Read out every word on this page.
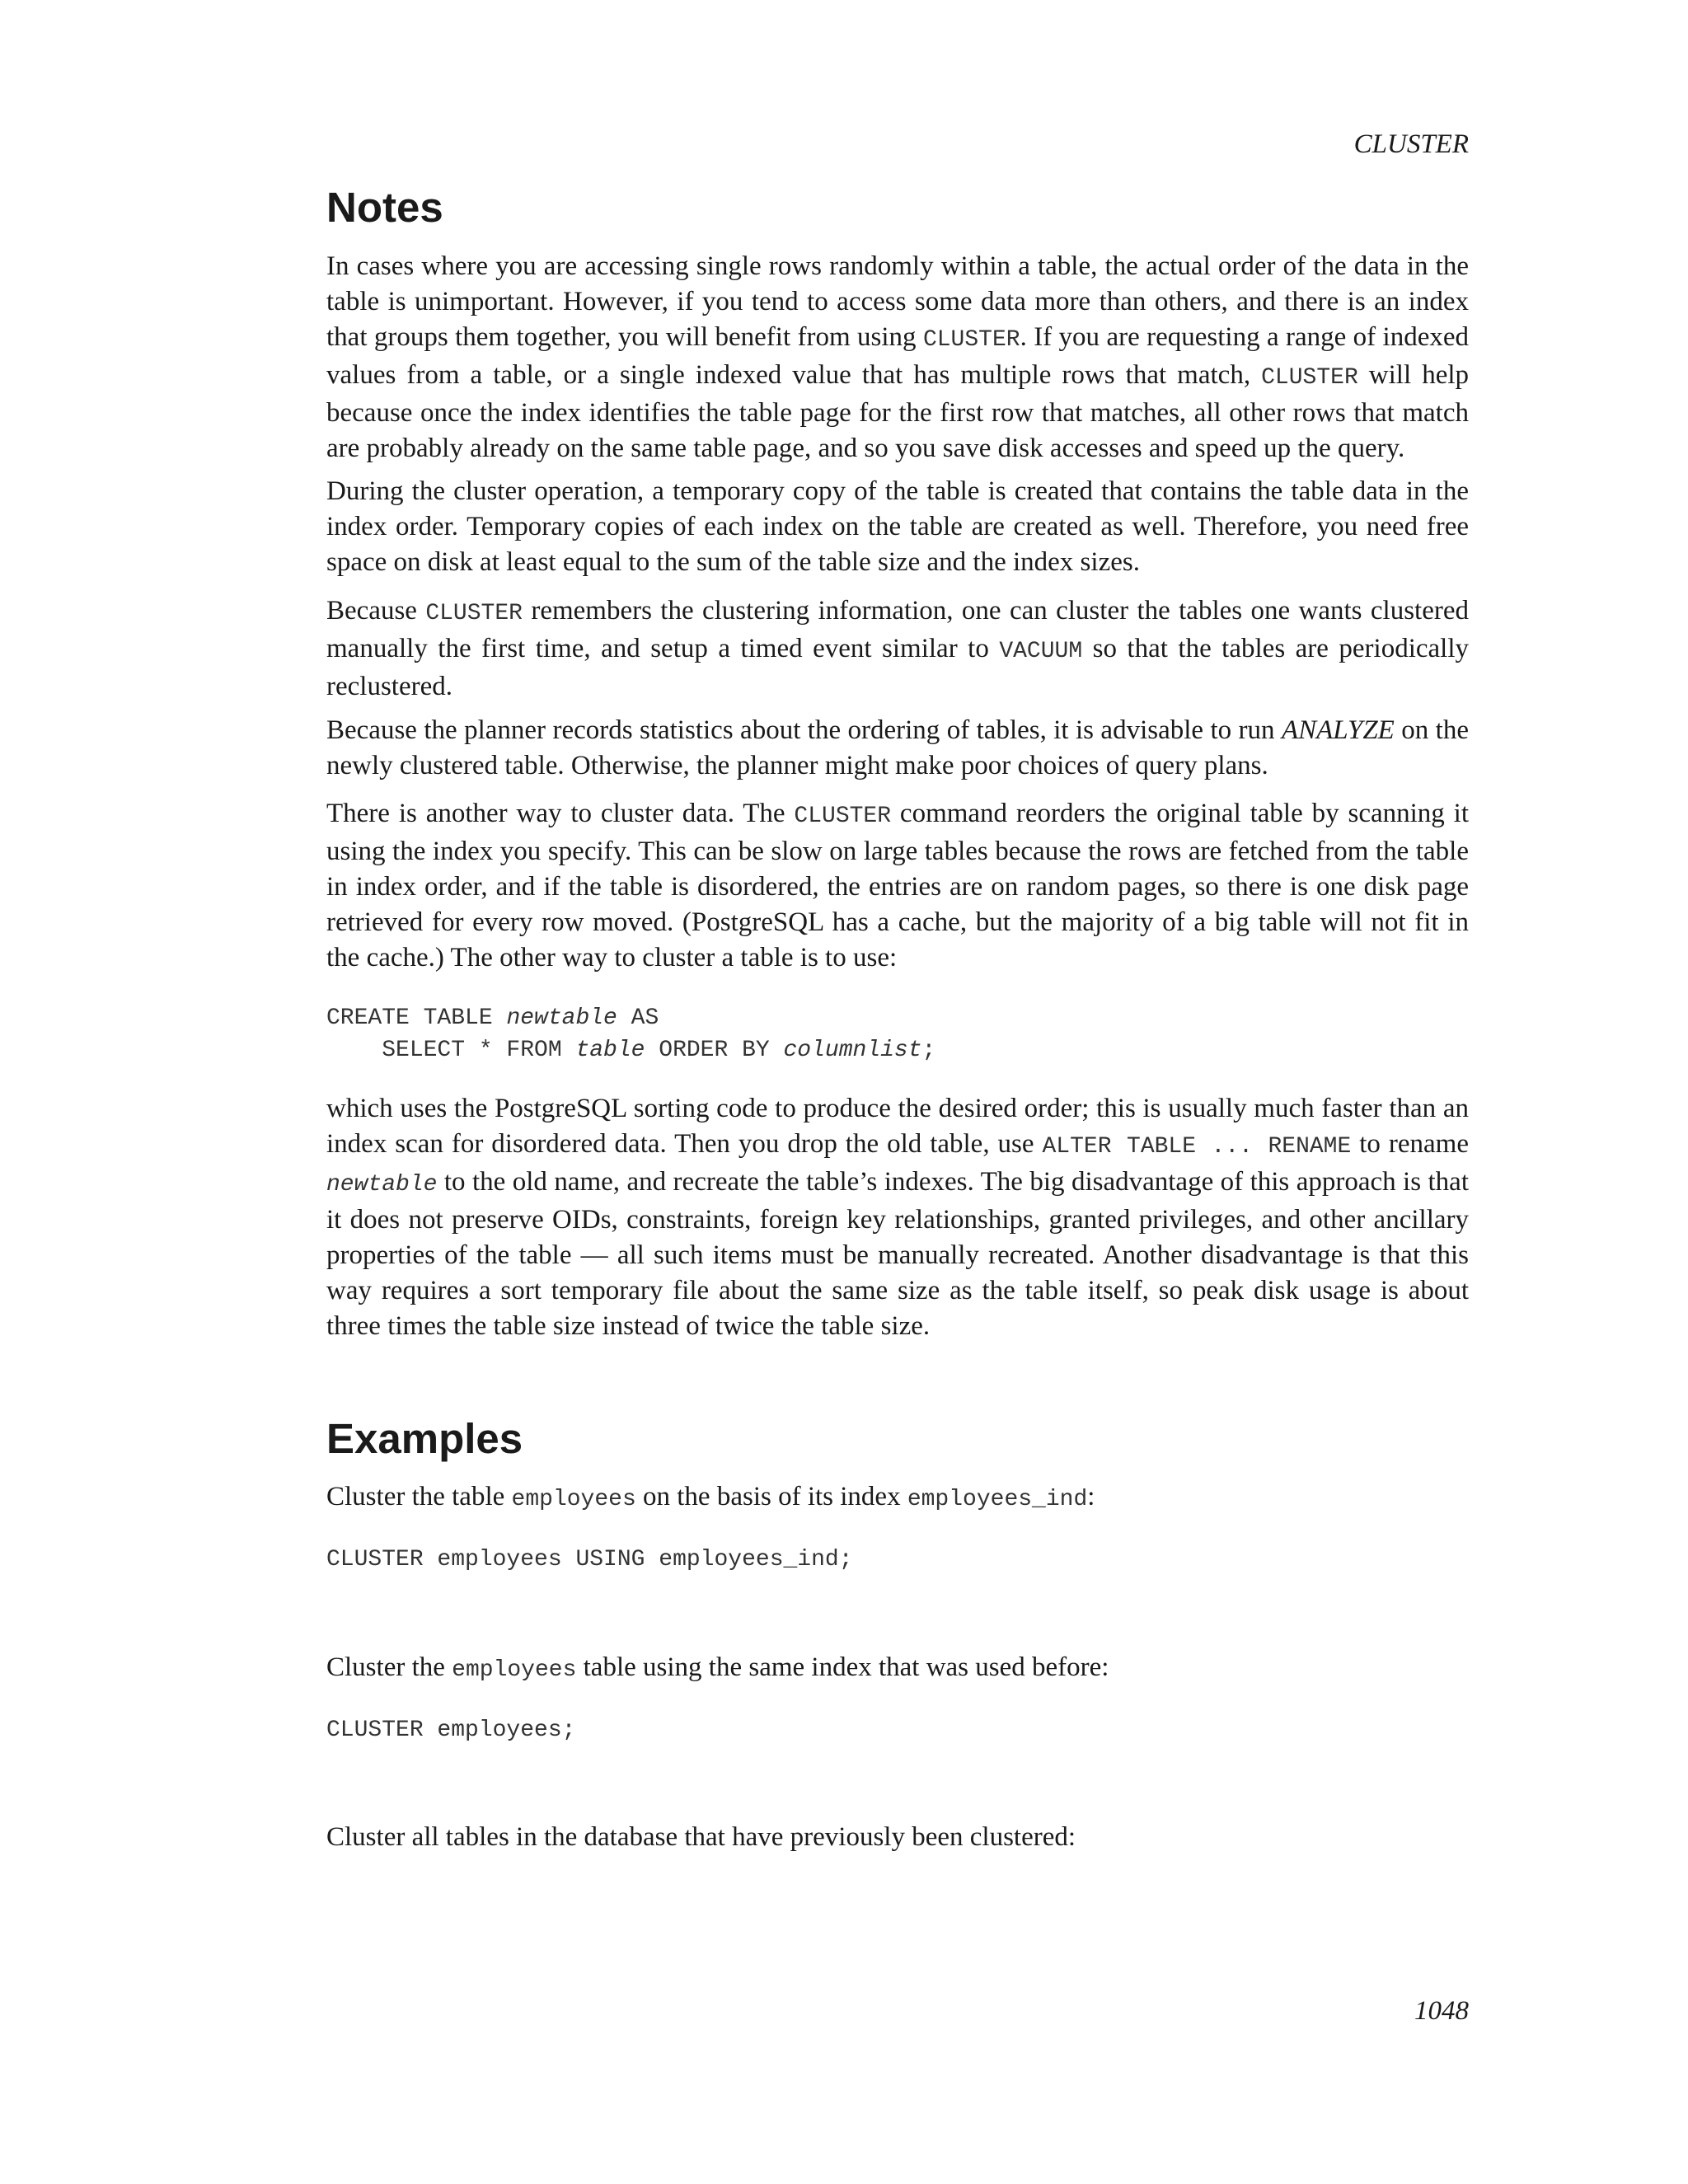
CLUSTER
Notes

In cases where you are accessing single rows randomly within a table, the actual order of the data in the table is unimportant. However, if you tend to access some data more than others, and there is an index that groups them together, you will benefit from using CLUSTER. If you are requesting a range of indexed values from a table, or a single indexed value that has multiple rows that match, CLUSTER will help because once the index identifies the table page for the first row that matches, all other rows that match are probably already on the same table page, and so you save disk accesses and speed up the query.

During the cluster operation, a temporary copy of the table is created that contains the table data in the index order. Temporary copies of each index on the table are created as well. Therefore, you need free space on disk at least equal to the sum of the table size and the index sizes.

Because CLUSTER remembers the clustering information, one can cluster the tables one wants clustered manually the first time, and setup a timed event similar to VACUUM so that the tables are periodically reclustered.

Because the planner records statistics about the ordering of tables, it is advisable to run ANALYZE on the newly clustered table. Otherwise, the planner might make poor choices of query plans.

There is another way to cluster data. The CLUSTER command reorders the original table by scanning it using the index you specify. This can be slow on large tables because the rows are fetched from the table in index order, and if the table is disordered, the entries are on random pages, so there is one disk page retrieved for every row moved. (PostgreSQL has a cache, but the majority of a big table will not fit in the cache.) The other way to cluster a table is to use:

CREATE TABLE newtable AS
SELECT * FROM table ORDER BY columnlist;

which uses the PostgreSQL sorting code to produce the desired order; this is usually much faster than an index scan for disordered data. Then you drop the old table, use ALTER TABLE ... RENAME to rename newtable to the old name, and recreate the table’s indexes. The big disadvantage of this approach is that it does not preserve OIDs, constraints, foreign key relationships, granted privileges, and other ancillary properties of the table — all such items must be manually recreated. Another disadvantage is that this way requires a sort temporary file about the same size as the table itself, so peak disk usage is about three times the table size instead of twice the table size.

Examples

Cluster the table employees on the basis of its index employees_ind:

CLUSTER employees USING employees_ind;

Cluster the employees table using the same index that was used before:

CLUSTER employees;

Cluster all tables in the database that have previously been clustered:

1048
